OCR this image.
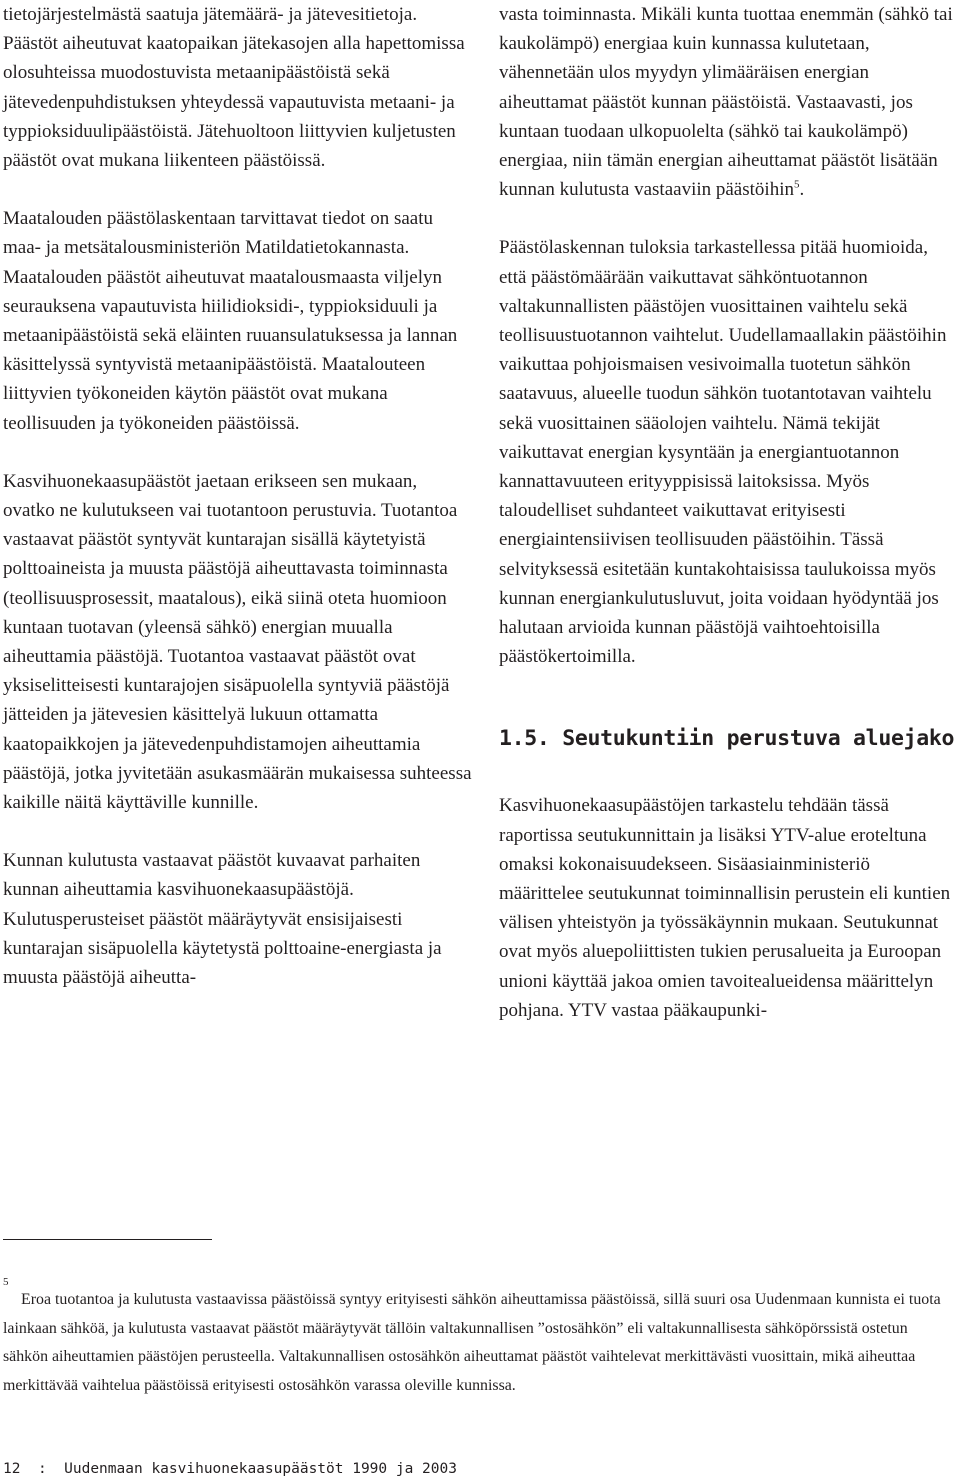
tietojärjestelmästä saatuja jätemäärä- ja jätevesitietoja. Päästöt aiheutuvat kaatopaikan jätekasojen alla hapettomissa olosuhteissa muodostuvista metaanipäästöistä sekä jätevedenpuhdistuksen yhteydessä vapautuvista metaani- ja typpioksiduulipäästöistä. Jätehuoltoon liittyvien kuljetusten päästöt ovat mukana liikenteen päästöissä.

Maatalouden päästölaskentaan tarvittavat tiedot on saatu maa- ja metsätalousministeriön Matildatietokannasta. Maatalouden päästöt aiheutuvat maatalousmaasta viljelyn seurauksena vapautuvista hiilidioksidi-, typpioksiduuli ja metaanipäästöistä sekä eläinten ruuansulatuksessa ja lannan käsittelyssä syntyvistä metaanipäästöistä. Maatalouteen liittyvien työkoneiden käytön päästöt ovat mukana teollisuuden ja työkoneiden päästöissä.

Kasvihuonekaasupäästöt jaetaan erikseen sen mukaan, ovatko ne kulutukseen vai tuotantoon perustuvia. Tuotantoa vastaavat päästöt syntyvät kuntarajan sisällä käytetyistä polttoaineista ja muusta päästöjä aiheuttavasta toiminnasta (teollisuusprosessit, maatalous), eikä siinä oteta huomioon kuntaan tuotavan (yleensä sähkö) energian muualla aiheuttamia päästöjä. Tuotantoa vastaavat päästöt ovat yksiselitteisesti kuntarajojen sisäpuolella syntyviä päästöjä jätteiden ja jätevesien käsittelyä lukuun ottamatta kaatopaikkojen ja jätevedenpuhdistamojen aiheuttamia päästöjä, jotka jyvitetään asukasmäärän mukaisessa suhteessa kaikille näitä käyttäville kunnille.

Kunnan kulutusta vastaavat päästöt kuvaavat parhaiten kunnan aiheuttamia kasvihuonekaasupäästöjä. Kulutusperusteiset päästöt määräytyvät ensisijaisesti kuntarajan sisäpuolella käytetystä polttoaine-energiasta ja muusta päästöjä aiheutta-

vasta toiminnasta. Mikäli kunta tuottaa enemmän (sähkö tai kaukolämpö) energiaa kuin kunnassa kulutetaan, vähennetään ulos myydyn ylimääräisen energian aiheuttamat päästöt kunnan päästöistä. Vastaavasti, jos kuntaan tuodaan ulkopuolelta (sähkö tai kaukolämpö) energiaa, niin tämän energian aiheuttamat päästöt lisätään kunnan kulutusta vastaaviin päästöihin$^5$.

Päästölaskennan tuloksia tarkastellessa pitää huomioida, että päästömäärään vaikuttavat sähköntuotannon valtakunnallisten päästöjen vuosittainen vaihtelu sekä teollisuustuotannon vaihtelut. Uudellamaallakin päästöihin vaikuttaa pohjoismaisen vesivoimalla tuotetun sähkön saatavuus, alueelle tuodun sähkön tuotantotavan vaihtelu sekä vuosittainen sääolojen vaihtelu. Nämä tekijät vaikuttavat energian kysyntään ja energiantuotannon kannattavuuteen erityyppisissä laitoksissa. Myös taloudelliset suhdanteet vaikuttavat erityisesti energiaintensiivisen teollisuuden päästöihin. Tässä selvityksessä esitetään kuntakohtaisissa taulukoissa myös kunnan energiankulutusluvut, joita voidaan hyödyntää jos halutaan arvioida kunnan päästöjä vaihtoehtoisilla päästökertoimilla.

1.5. Seutukuntiin perustuva aluejako

Kasvihuonekaasupäästöjen tarkastelu tehdään tässä raportissa seutukunnittain ja lisäksi YTV-alue eroteltuna omaksi kokonaisuudekseen. Sisäasiainministeriö määrittelee seutukunnat toiminnallisin perustein eli kuntien välisen yhteistyön ja työssäkäynnin mukaan. Seutukunnat ovat myös aluepoliittisten tukien perusalueita ja Euroopan unioni käyttää jakoa omien tavoitealueidensa määrittelyn pohjana. YTV vastaa pääkaupunki-

5
Eroa tuotantoa ja kulutusta vastaavissa päästöissä syntyy erityisesti sähkön aiheuttamissa päästöissä, sillä suuri osa Uudenmaan kunnista ei tuota lainkaan sähköä, ja kulutusta vastaavat päästöt määräytyvät tällöin valtakunnallisen ”ostosähkön” eli valtakunnallisesta sähköpörssistä ostetun sähkön aiheuttamien päästöjen perusteella. Valtakunnallisen ostosähkön aiheuttamat päästöt vaihtelevat merkittävästi vuosittain, mikä aiheuttaa merkittävää vaihtelua päästöissä erityisesti ostosähkön varassa oleville kunnissa.

12 : Uudenmaan kasvihuonekaasupäästöt 1990 ja 2003
